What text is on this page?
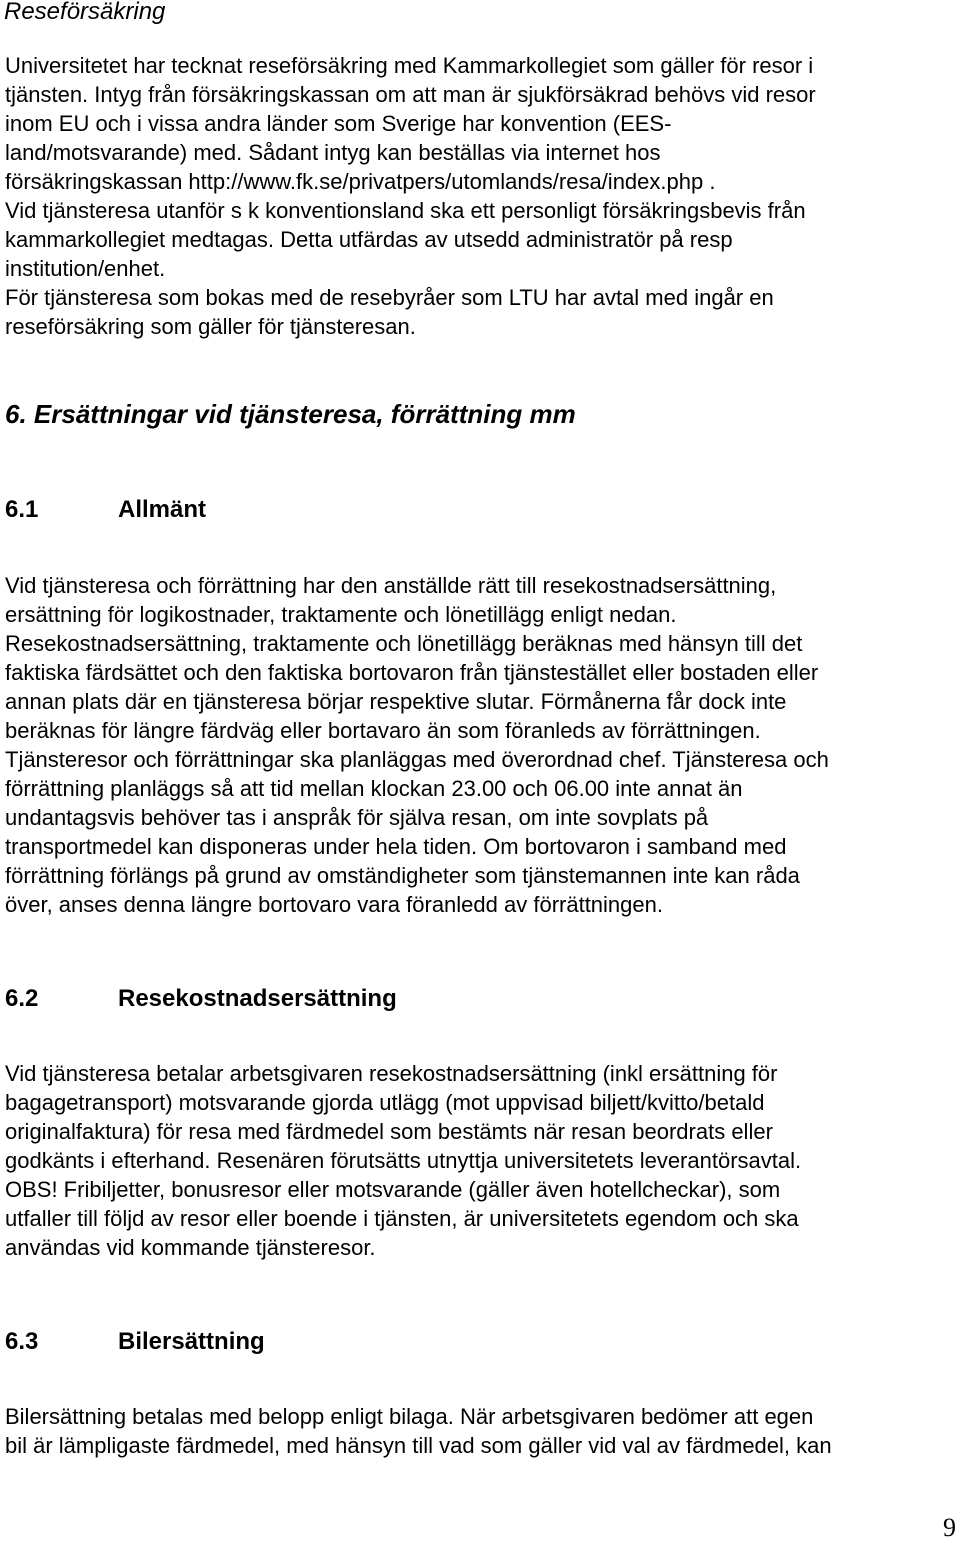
Reseförsäkring
Universitetet har tecknat reseförsäkring med Kammarkollegiet som gäller för resor i
tjänsten. Intyg från försäkringskassan om att man är sjukförsäkrad behövs vid resor
inom EU och i vissa andra länder som Sverige har konvention (EES-
land/motsvarande) med. Sådant intyg kan beställas via internet hos
försäkringskassan http://www.fk.se/privatpers/utomlands/resa/index.php .
Vid tjänsteresa utanför s k konventionsland ska ett personligt försäkringsbevis från
kammarkollegiet medtagas. Detta utfärdas av utsedd administratör på resp
institution/enhet.
För tjänsteresa som bokas med de resebyråer som LTU har avtal med ingår en
reseförsäkring som gäller för tjänsteresan.
6. Ersättningar vid tjänsteresa, förrättning mm
6.1	Allmänt
Vid tjänsteresa och förrättning har den anställde rätt till resekostnadsersättning,
ersättning för logikostnader, traktamente och lönetillägg enligt nedan.
Resekostnadsersättning, traktamente och lönetillägg beräknas med hänsyn till det
faktiska färdsättet och den faktiska bortovaron från tjänstestället eller bostaden eller
annan plats där en tjänsteresa börjar respektive slutar. Förmånerna får dock inte
beräknas för längre färdväg eller bortavaro än som föranleds av förrättningen.
Tjänsteresor och förrättningar ska planläggas med överordnad chef. Tjänsteresa och
förrättning planläggs så att tid mellan klockan 23.00 och 06.00 inte annat än
undantagsvis behöver tas i anspråk för själva resan, om inte sovplats på
transportmedel kan disponeras under hela tiden. Om bortovaron i samband med
förrättning förlängs på grund av omständigheter som tjänstemannen inte kan råda
över, anses denna längre bortovaro vara föranledd av förrättningen.
6.2	Resekostnadsersättning
Vid tjänsteresa betalar arbetsgivaren resekostnadsersättning (inkl ersättning för
bagagetransport) motsvarande gjorda utlägg (mot uppvisad biljett/kvitto/betald
originalfaktura) för resa med färdmedel som bestämts när resan beordrats eller
godkänts i efterhand. Resenären förutsätts utnyttja universitetets leverantörsavtal.
OBS! Fribiljetter, bonusresor eller motsvarande (gäller även hotellcheckar), som
utfaller till följd av resor eller boende i tjänsten, är universitetets egendom och ska
användas vid kommande tjänsteresor.
6.3	Bilersättning
Bilersättning betalas med belopp enligt bilaga. När arbetsgivaren bedömer att egen
bil är lämpligaste färdmedel, med hänsyn till vad som gäller vid val av färdmedel, kan
9
